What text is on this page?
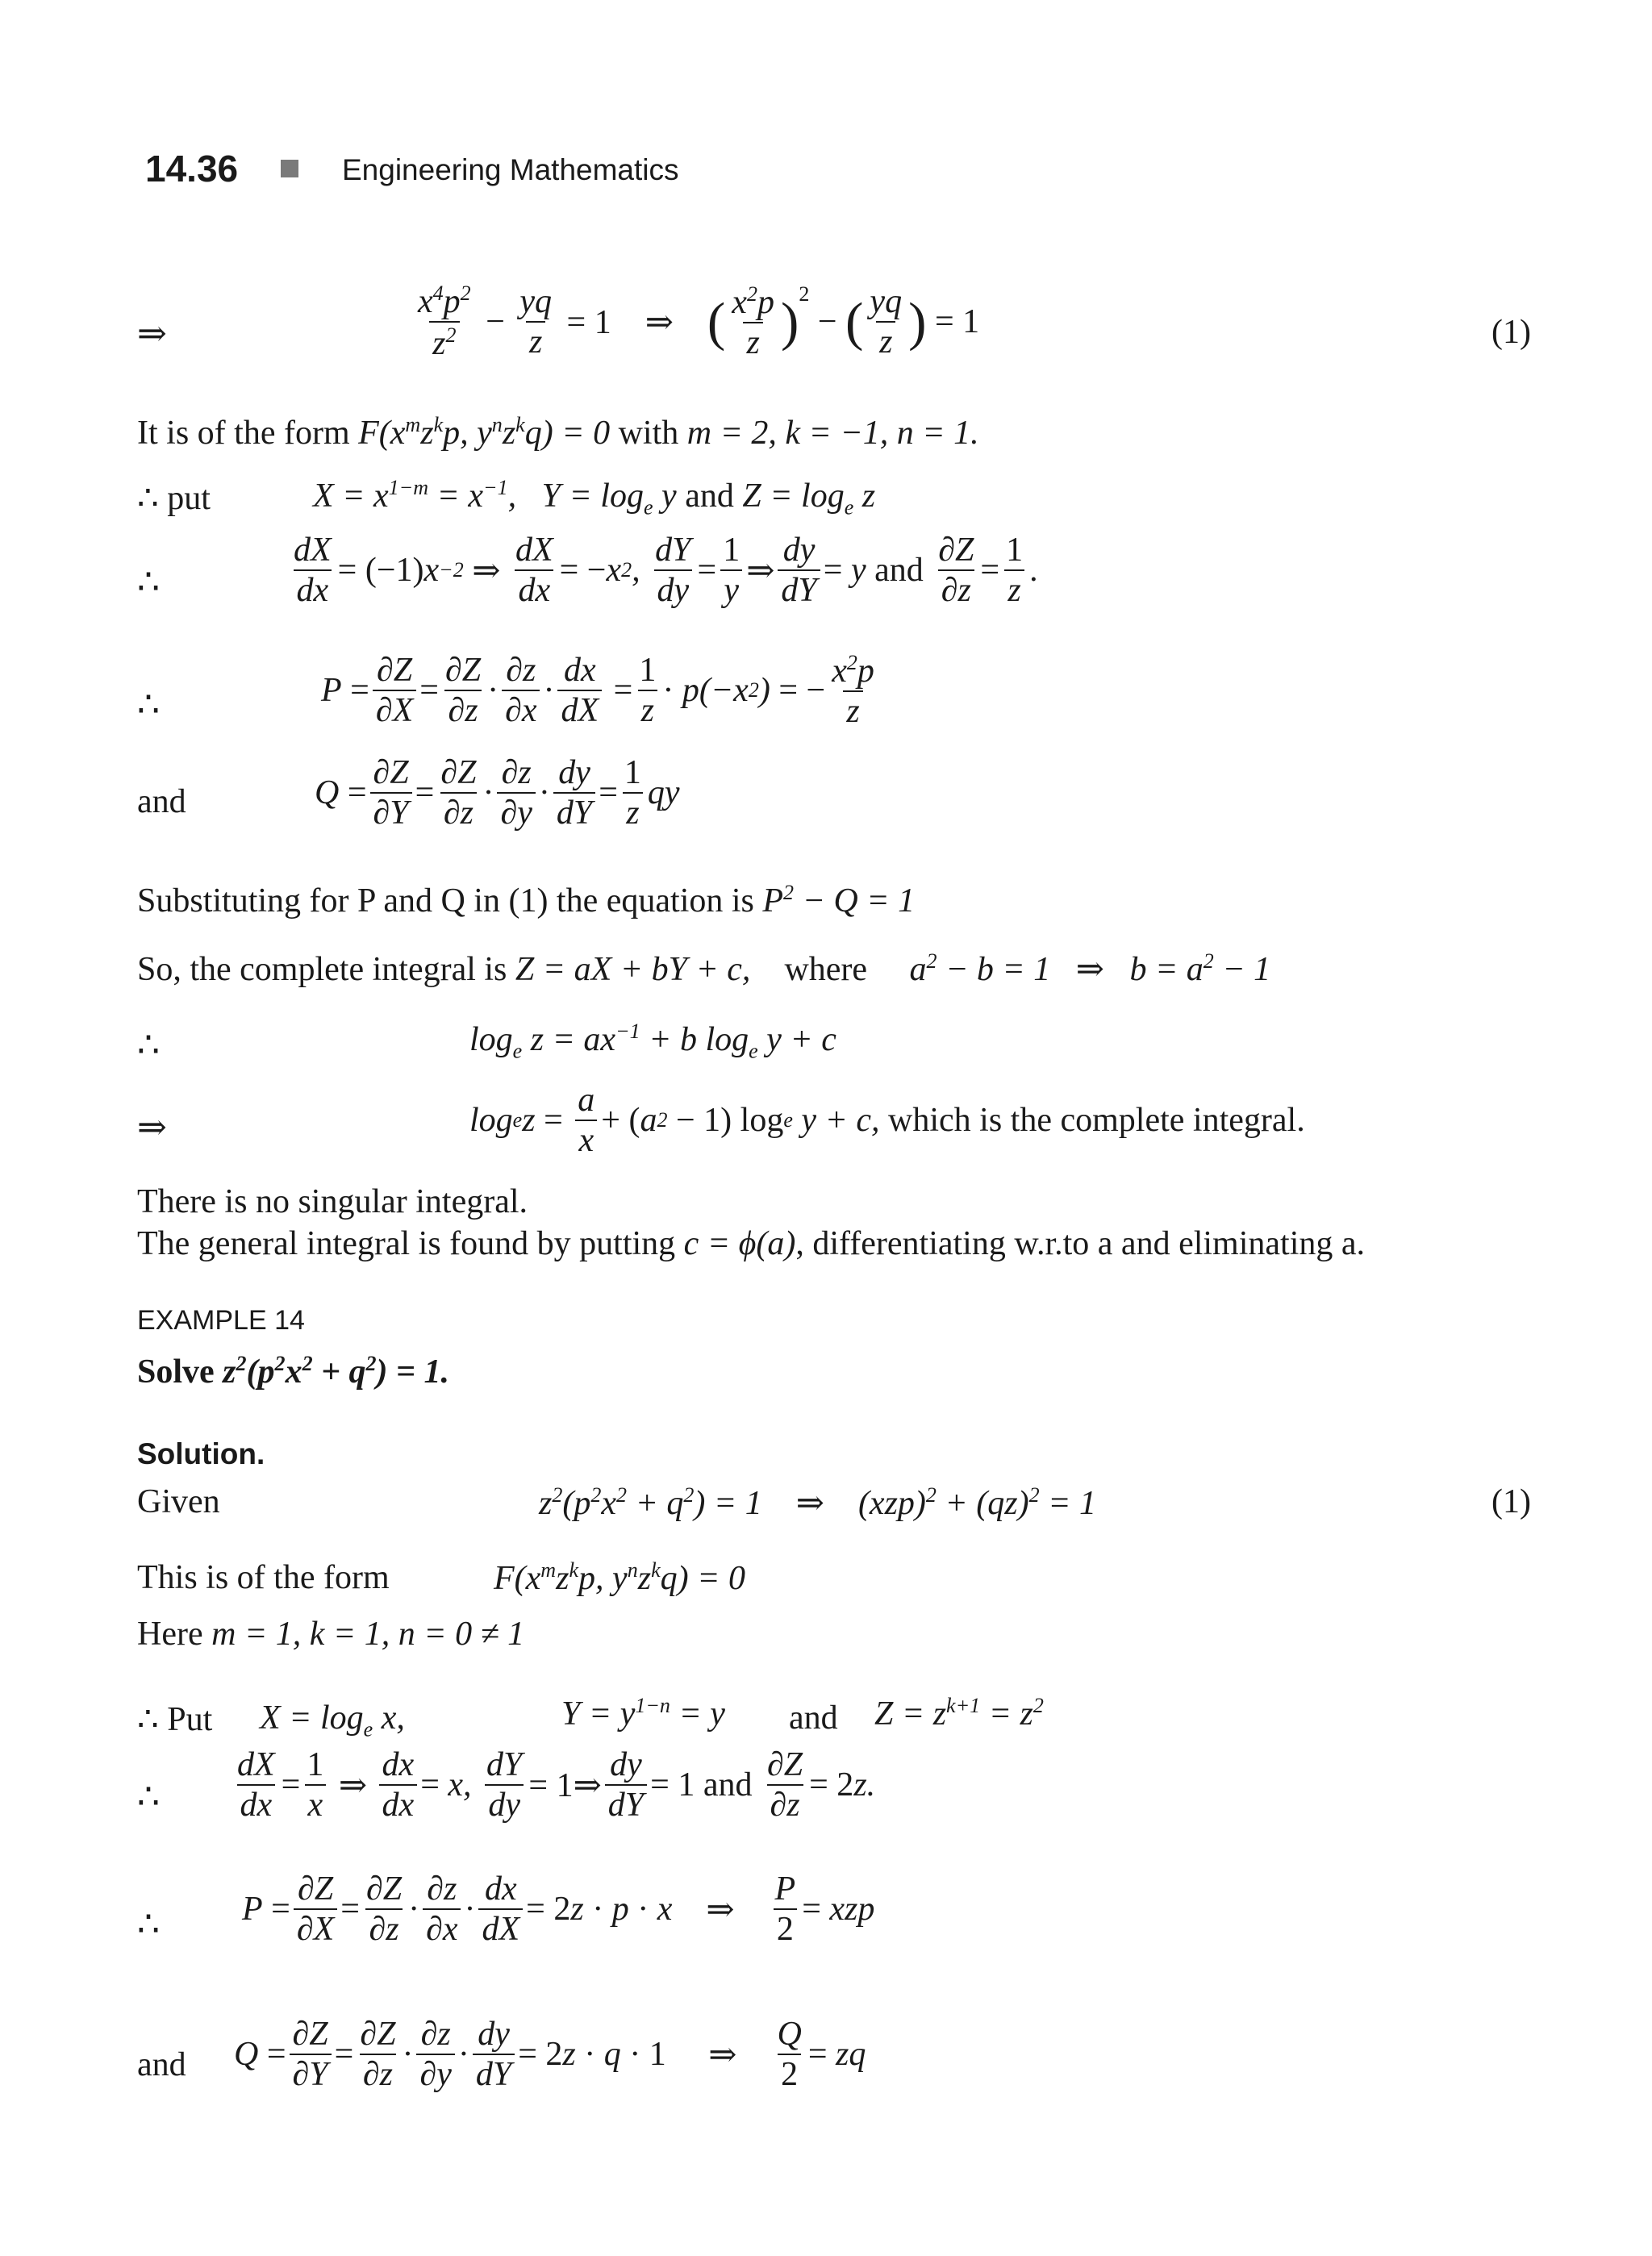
14.36	Engineering Mathematics
⇒	$\frac{x^4p^2}{z^2} - \frac{yq}{z} = 1$    ⇒ ( $\frac{x^2p}{z} )^2$
− ( $\frac{yq}{z}$ ) = 1	(1)
It is of the form $F(x^mz^kp$, $y^nz^kq) = 0$ with m = 2, k = −1, n = 1.
∴ put	$X = x^{1-m} = x^{-1}$,   $Y = \log_e y$ and $Z = \log_e z$
∴	$\frac{dX}{dx} = (-1)$ x −2 ⇒ $\frac{dX}{dx}$ = − x 2 , $\frac{dY}{dy} = \frac{1}{y}$ ⇒ $\frac{dy}{dY} = y$ and
$\frac{\partial Z}{\partial z} = \frac{1}{z}$ .
∴	$P = \frac{\partial Z}{\partial X} = \frac{\partial Z}{\partial z} \cdot \frac{\partial z}{\partial x} \cdot \frac{dx}{dX} = \frac{1}{z} \cdot p(-x$ 2 ) = − $\frac{x^2p}{z}$
and	$Q = \frac{\partial Z}{\partial Y} = \frac{\partial Z}{\partial z} \cdot \frac{\partial z}{\partial y} \cdot \frac{dy}{dY} = \frac{1}{z}$ qy
Substituting for P and Q in (1) the equation is $P^2 - Q = 1$
So, the complete integral is Z = aX + bY + c, where $a^2 - b = 1$   ⇒   $b = a^2 - 1$
∴	$\log_e z = ax^{-1} + b$ $\log_e y + c$
⇒	log e $z = \frac{a}{x}$ + ( a 2 − 1) log e y + c, which is the complete integral.
There is no singular integral.
The general integral is found by putting c = ϕ(a), differentiating w.r.to a and eliminating a.
EXAMPLE 14
Solve $z^2(p^2x^2 + q^2) = 1$.
Solution.
Given	$z^2(p^2x^2 + q^2) = 1$    ⇒    (xzp)$^2$ + (qz)$^2$ = 1	(1)
This is of the form	$F(x^mz^kp$, $y^nz^kq) = 0$
Here m = 1, k = 1, n = 0 ≠ 1
∴ Put $X = \log_e x$,	$Y = y^{1-n} = y$ and $Z = z^{k+1} = z^2$
∴ $\frac{dX}{dx} = \frac{1}{x}$ ⇒ $\frac{dx}{dx} = x$, $\frac{dY}{dy}$ = 1⇒ $\frac{dy}{dY} = 1$ and
$\frac{\partial Z}{\partial z} = 2$ z.
∴ $P = \frac{\partial Z}{\partial X} = \frac{\partial Z}{\partial z} \cdot \frac{\partial z}{\partial x} \cdot \frac{dx}{dX} = 2$ z · p · x ⇒ $\frac{P}{2}$ = xzp
and $Q = \frac{\partial Z}{\partial Y} = \frac{\partial Z}{\partial z} \cdot \frac{\partial z}{\partial y} \cdot \frac{dy}{dY} = 2$ z · q · 1 ⇒ $\frac{Q}{2}$ = zq
